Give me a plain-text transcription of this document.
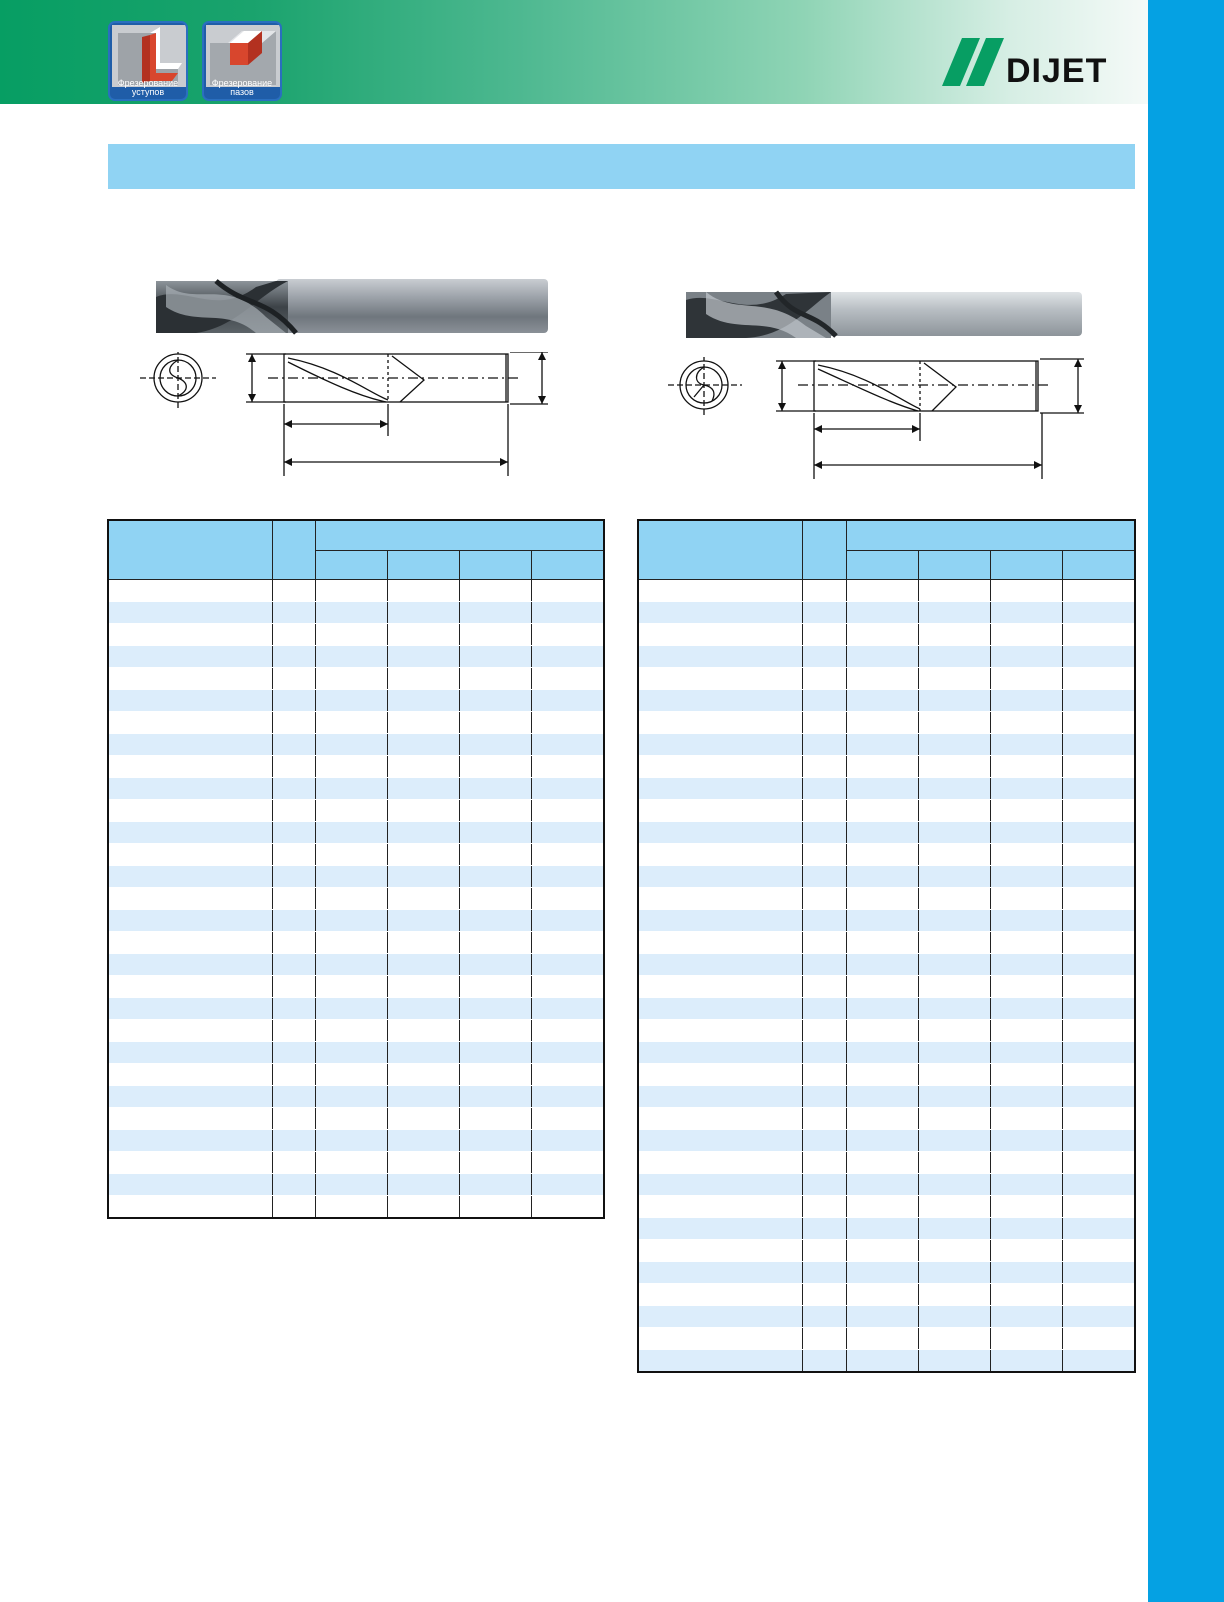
Фрезерование
уступов
Фрезерование
пазов
DIJET
